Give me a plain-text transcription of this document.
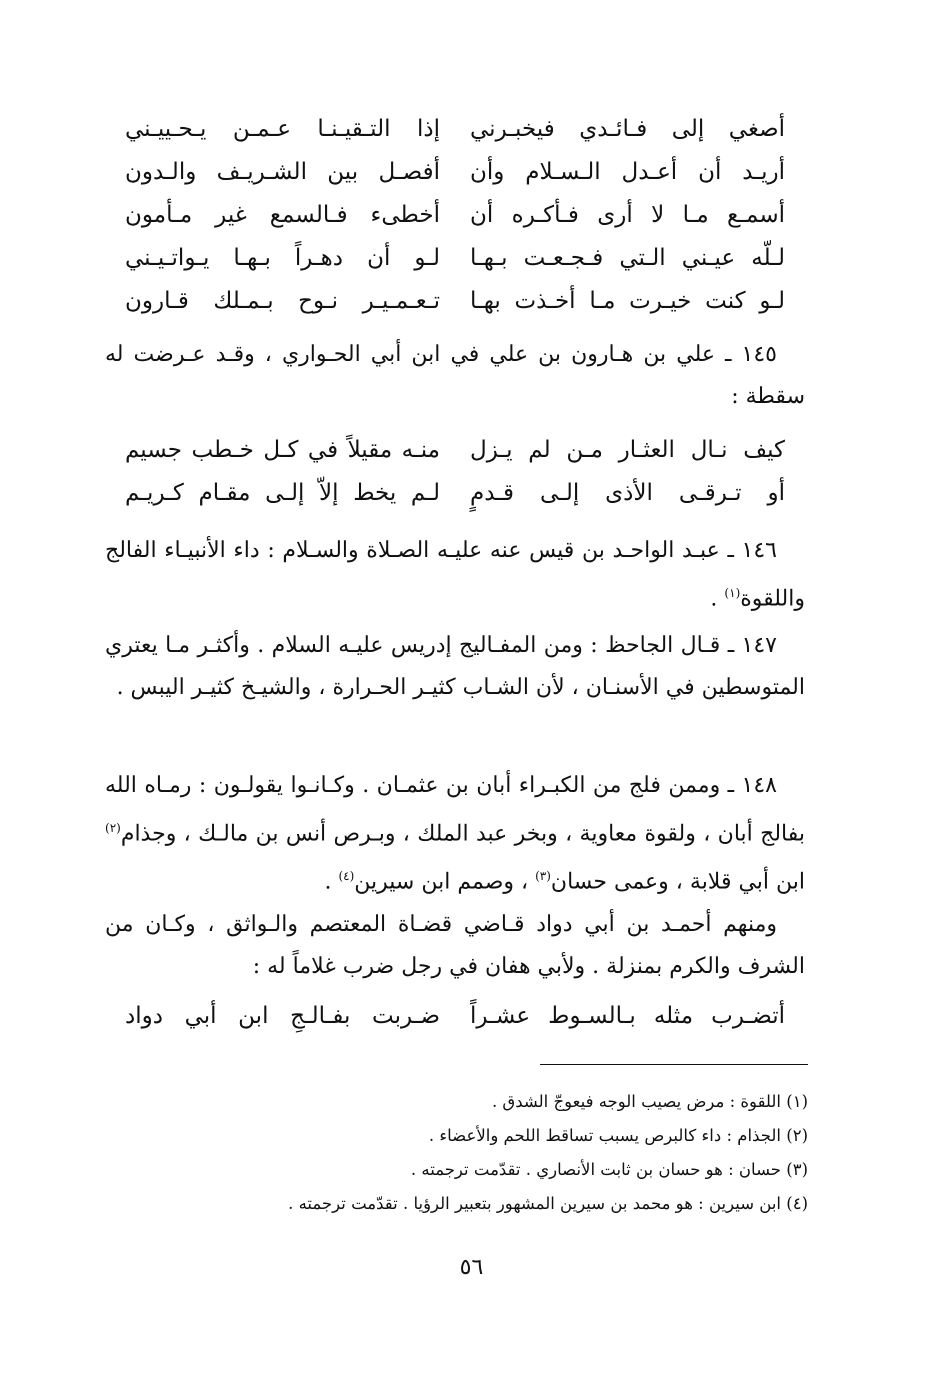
أصغي إلى فـائـدي فيخبـرني
إذا التـقيـنـا عـمـن يـحـييـني
أريـد أن أعـدل الـسـلام وأن
أفصـل بين الشـريـف والـدون
أسمـع مـا لا أرى فـأكـره أن
أخطىء فـالسمع غير مـأمون
لـلّه عيـني الـتي فـجـعـت بـهـا
لـو أن دهـراً بـهـا يـواتـيـني
لـو كنت خيـرت مـا أخـذت بهـا
تـعـمـيـر نـوح بـمـلك قـارون

١٤٥ ـ علي بن هـارون بن علي في ابن أبي الحـواري ، وقـد عـرضت له سقطة :

كيف نـال العثـار مـن لم يـزل
منـه مقيلاً في كـل خـطب جسيم
أو تـرقـى الأذى إلـى قـدمٍ
لـم يخط إلاّ إلـى مقـام كـريـم

١٤٦ ـ عبـد الواحـد بن قيس عنه عليـه الصـلاة والسـلام : داء الأنبيـاء الفالج واللقوة$^{(١)}$ .

١٤٧ ـ قـال الجاحظ : ومن المفـاليج إدريس عليـه السلام . وأكثـر مـا يعتري المتوسطين في الأسنـان ، لأن الشـاب كثيـر الحـرارة ، والشيـخ كثيـر اليبس .

١٤٨ ـ وممن فلج من الكبـراء أبان بن عثمـان . وكـانـوا يقولـون : رمـاه الله بفالج أبان ، ولقوة معاوية ، وبخر عبد الملك ، وبـرص أنس بن مالـك ، وجذام$^{(٢)}$ ابن أبي قلابة ، وعمى حسان$^{(٣)}$ ، وصمم ابن سيرين$^{(٤)}$ .

ومنهم أحمـد بن أبي دواد قـاضي قضـاة المعتصم والـواثق ، وكـان من الشرف والكرم بمنزلة . ولأبي هفان في رجل ضرب غلاماً له :

أتضـرب مثله بـالسـوط عشـراً
ضـربت بفـالـجِ ابن أبي دواد
(١) اللقوة : مرض يصيب الوجه فيعوجّ الشدق .
(٢) الجذام : داء كالبرص يسبب تساقط اللحم والأعضاء .
(٣) حسان : هو حسان بن ثابت الأنصاري . تقدّمت ترجمته .
(٤) ابن سيرين : هو محمد بن سيرين المشهور بتعبير الرؤيا . تقدّمت ترجمته .
٥٦
